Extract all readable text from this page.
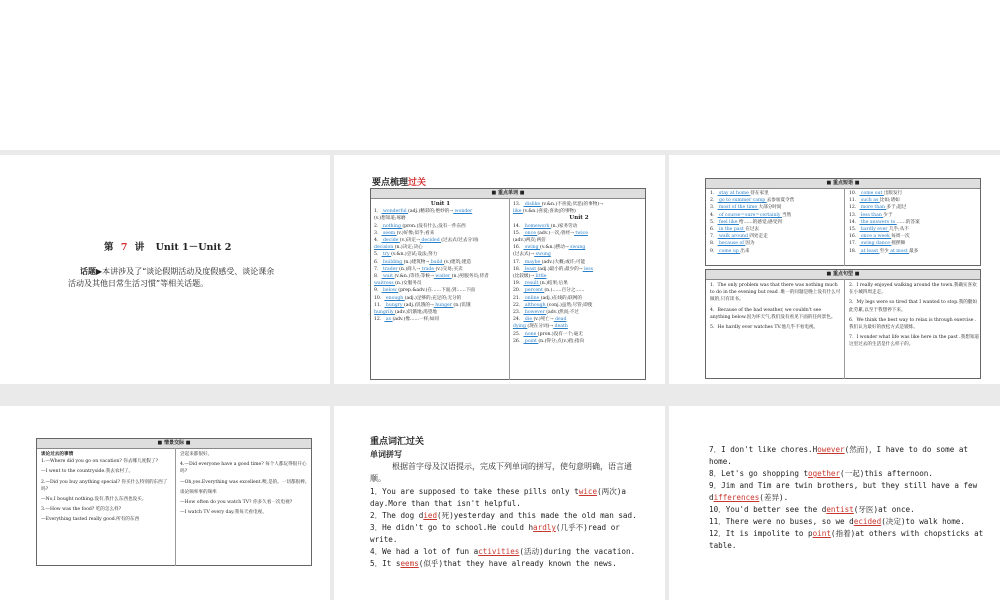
第 7 讲 Unit 1－Unit 2
话题▶本讲涉及了“谈论假期活动及度假感受、谈论课余活动及其他日常生活习惯”等相关话题。
要点梳理过关
■ 重点单词 ■
Unit 1
1． wonderful (adj.)精彩的;绝妙的→ wonder
(v.)想知道;琢磨
2． nothing (pron.)没有什么;没有一件东西
3． seem (v.)好像;似乎;看来
4． decide (v.)决定→ decided (过去式/过去分词)
decision (n.)决定;决心
5． try (v.&n.)尝试;设法;努力
6． building (n.)建筑物→ build (v.)建筑;建造
7． trader (n.)商人→ trade (v.)交易;买卖
8． wait (v.&n.)等待;等候→ waiter (n.)男服务员;侍者
waitress (n.)女服务员
9． below (prep.&adv.)在……下面;到……下面
10． enough (adj.)足够的;充足的;无分的
11． hungry (adj.)饥饿的→ hunger (n.)饥饿
hungrily (adv.)饥饿地;渴望地
12． as (adv.)像……一样;如同
13． dislike (v.&n.)不喜爱;厌恶(的事物)→
like (v.&n.)喜爱;喜欢(的事物)
Unit 2
14． homework (n.)家务劳动
15． once (adv.)一次;曾经→ twice
(adv.)两次;两倍
16． swing (v.&n.)摆动→ swung
(过去式)→ swung
17． maybe (adv.)大概;或许;可能
18． least (adj.)最小的;最少的→ less
(比较级)→ little
19． result (n.)结果;后果
20． percent (n.)……百分之……
21． online (adj.)在线的;联网的
22． although (conj.)虽然;尽管;即使
23． however (adv.)然而;不过
24． die (v.)死亡→ dead
dying (现在分词)→ death
25． none (pron.)没有一个;毫无
26． point (n.)得分;点(v.)指;指向
■ 重点短语 ■
1． stay at home 待在家里
2． go to summer camp 去参加夏令营
3． most of the time 大部分时间
4． of course＝sure＝certainly 当然
5． feel like 给……的感觉;感受到
6． in the past 在过去
7． walk around 四处走走
8． because of 因为
9． come up 出来
10． come out 出版发行
11． such as 比如;诸如
12． more than 多于;超过
13． less than 少于
14． the answers to ……的答案
15． hardly ever 几乎;从不
16． once a week 每周一次
17． swing dance 摇摆舞
18． at least 至少 at most 最多
■ 重点句型 ■
1．The only problem was that there was nothing much to do in the evening but read .唯一的问题是晚上没有什么可做的,只有读书。
4．Because of the bad weather, we couldn't see anything below.因为坏天气,我们没有看见下面的任何景色。
5．He hardly ever watches TV.他几乎不看电视。
2．I really enjoyed walking around the town.我确实喜欢在小城四周走走。
3．My legs were so tired that I wanted to stop.我的腿如此劳累,以至于我想停下来。
6．We think the best way to relax is through exercise .我们认为最好的放松方式是锻炼。
7．I wonder what life was like here in the past .我想知道这里过去的生活是什么样子的。
■ 情景交际 ■
谈论过去的事情
1.—Where did you go on vacation? 你去哪儿度假了?
—I went to the countryside.我去农村了。
2.—Did you buy anything special? 你买什么特别的东西了吗?
—No,I bought nothing.没有,我什么东西也没买。
3.—How was the food? 吃的怎么样?
—Everything tasted really good.所有的东西
尝起来都很好。
4.—Did everyone have a good time? 每个人都玩得很开心吗?
—Oh,yes.Everything was excellent.噢,是的。一切都很棒。
谈论频率事的频率
—How often do you watch TV? 你多久看一次电视?
—I watch TV every day.我每天看电视。
重点词汇过关
单词拼写
根据首字母及汉语提示，完成下列单词的拼写，使句意明确，语言通顺。
1．You are supposed to take these pills only twice(两次)a day.More than that isn't helpful.
2．The dog died(死)yesterday and this made the old man sad.
3．He didn't go to school.He could hardly(几乎不)read or write.
4．We had a lot of fun activities(活动)during the vacation.
5．It seems(似乎)that they have already known the news.
7．I don't like chores.However(然而)，I have to do some at home.
8．Let's go shopping together(一起)this afternoon.
9．Jim and Tim are twin brothers, but they still have a few differences(差异).
10．You'd better see the dentist(牙医)at once.
11．There were no buses, so we decided(决定)to walk home.
12．It is impolite to point(指着)at others with chopsticks at table.
